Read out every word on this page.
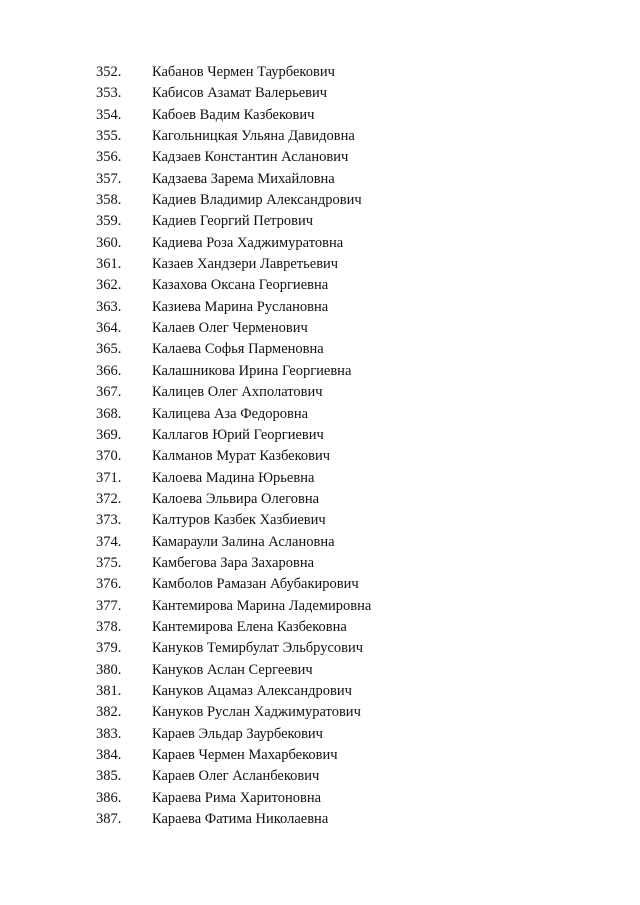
352.	Кабанов Чермен Таурбекович
353.	Кабисов Азамат Валерьевич
354.	Кабоев Вадим Казбекович
355.	Кагольницкая Ульяна Давидовна
356.	Кадзаев Константин Асланович
357.	Кадзаева Зарема Михайловна
358.	Кадиев Владимир Александрович
359.	Кадиев Георгий Петрович
360.	Кадиева Роза Хаджимуратовна
361.	Казаев Хандзери Лавретьевич
362.	Казахова Оксана Георгиевна
363.	Казиева Марина Руслановна
364.	Калаев Олег Черменович
365.	Калаева Софья Парменовна
366.	Калашникова Ирина Георгиевна
367.	Калицев Олег Ахполатович
368.	Калицева Аза Федоровна
369.	Каллагов Юрий Георгиевич
370.	Калманов Мурат Казбекович
371.	Калоева Мадина Юрьевна
372.	Калоева Эльвира Олеговна
373.	Калтуров Казбек Хазбиевич
374.	Камараули Залина Аслановна
375.	Камбегова Зара Захаровна
376.	Камболов Рамазан Абубакирович
377.	Кантемирова Марина Ладемировна
378.	Кантемирова Елена Казбековна
379.	Кануков Темирбулат Эльбрусович
380.	Кануков Аслан Сергеевич
381.	Кануков Ацамаз Александрович
382.	Кануков Руслан Хаджимуратович
383.	Караев Эльдар Заурбекович
384.	Караев Чермен Махарбекович
385.	Караев Олег Асланбекович
386.	Караева Рима Харитоновна
387.	Караева Фатима Николаевна
